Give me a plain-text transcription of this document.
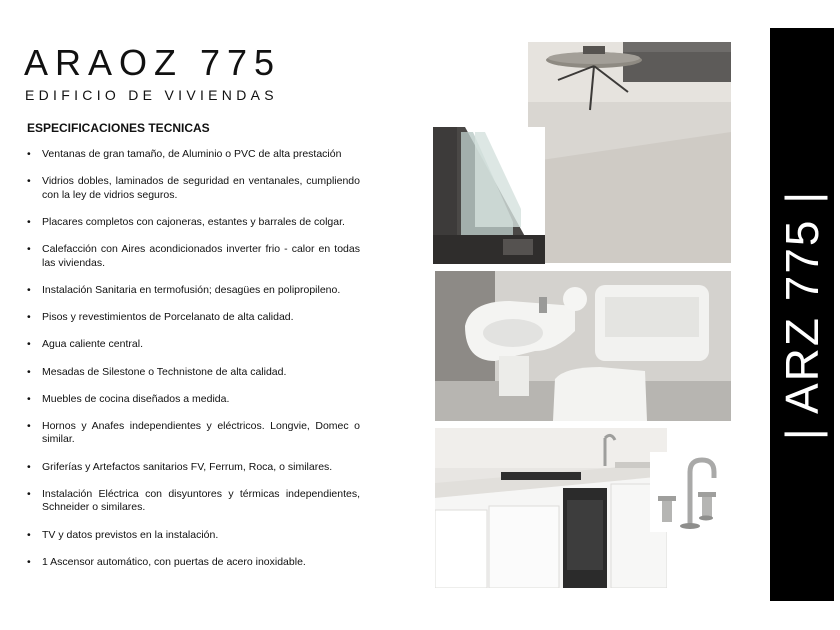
ARAOZ 775
EDIFICIO DE VIVIENDAS
ESPECIFICACIONES TECNICAS
• Ventanas de gran tamaño, de Aluminio o PVC de alta prestación
• Vidrios dobles, laminados de seguridad en ventanales, cumpliendo con la ley de vidrios seguros.
• Placares completos con cajoneras, estantes y barrales de colgar.
• Calefacción con Aires acondicionados inverter frio - calor en todas las viviendas.
• Instalación Sanitaria en termofusión; desagües en polipropileno.
• Pisos y revestimientos de Porcelanato de alta calidad.
• Agua caliente central.
• Mesadas de Silestone o Technistone de alta calidad.
• Muebles de cocina diseñados a medida.
• Hornos y Anafes independientes y eléctricos. Longvie, Domec o similar.
• Griferías y Artefactos sanitarios FV, Ferrum, Roca, o similares.
• Instalación Eléctrica con disyuntores y térmicas independientes, Schneider o similares.
• TV y datos previstos en la instalación.
• 1 Ascensor automático, con puertas de acero inoxidable.
| ARZ 775 |
